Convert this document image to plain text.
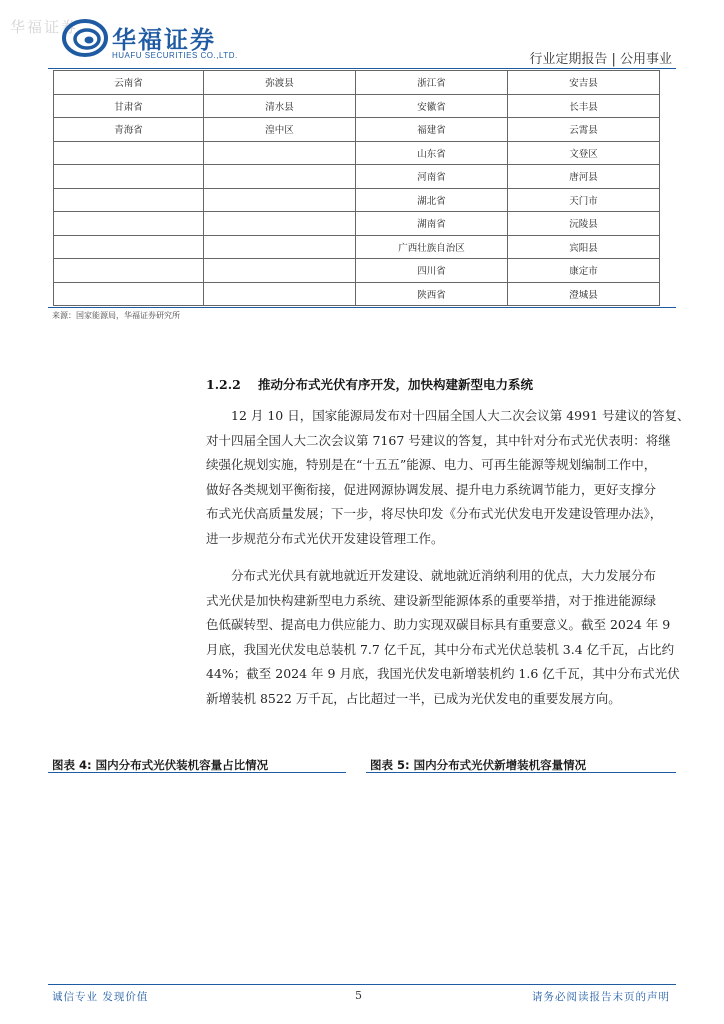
华福证券 华福证券
HUAFU SECURITIES CO.,LTD.	行业定期报告 | 公用事业
云南省	弥渡县	浙江省	安吉县
甘肃省	清水县	安徽省	长丰县
青海省	湟中区	福建省	云霄县
		山东省	文登区
		河南省	唐河县
		湖北省	天门市
		湖南省	沅陵县
		广西壮族自治区	宾阳县
		四川省	康定市
		陕西省	澄城县
来源：国家能源局，华福证券研究所
1.2.2 推动分布式光伏有序开发，加快构建新型电力系统
12 月 10 日，国家能源局发布对十四届全国人大二次会议第 4991 号建议的答复、
对十四届全国人大二次会议第 7167 号建议的答复，其中针对分布式光伏表明：将继
续强化规划实施，特别是在“十五五”能源、电力、可再生能源等规划编制工作中，
做好各类规划平衡衔接，促进网源协调发展、提升电力系统调节能力，更好支撑分
布式光伏高质量发展；下一步，将尽快印发《分布式光伏发电开发建设管理办法》，
进一步规范分布式光伏开发建设管理工作。
分布式光伏具有就地就近开发建设、就地就近消纳利用的优点，大力发展分布
式光伏是加快构建新型电力系统、建设新型能源体系的重要举措，对于推进能源绿
色低碳转型、提高电力供应能力、助力实现双碳目标具有重要意义。截至 2024 年 9
月底，我国光伏发电总装机 7.7 亿千瓦，其中分布式光伏总装机 3.4 亿千瓦，占比约
44%；截至 2024 年 9 月底，我国光伏发电新增装机约 1.6 亿千瓦，其中分布式光伏
新增装机 8522 万千瓦，占比超过一半，已成为光伏发电的重要发展方向。
图表 4: 国内分布式光伏装机容量占比情况	图表 5: 国内分布式光伏新增装机容量情况
诚信专业 发现价值	5	请务必阅读报告末页的声明
